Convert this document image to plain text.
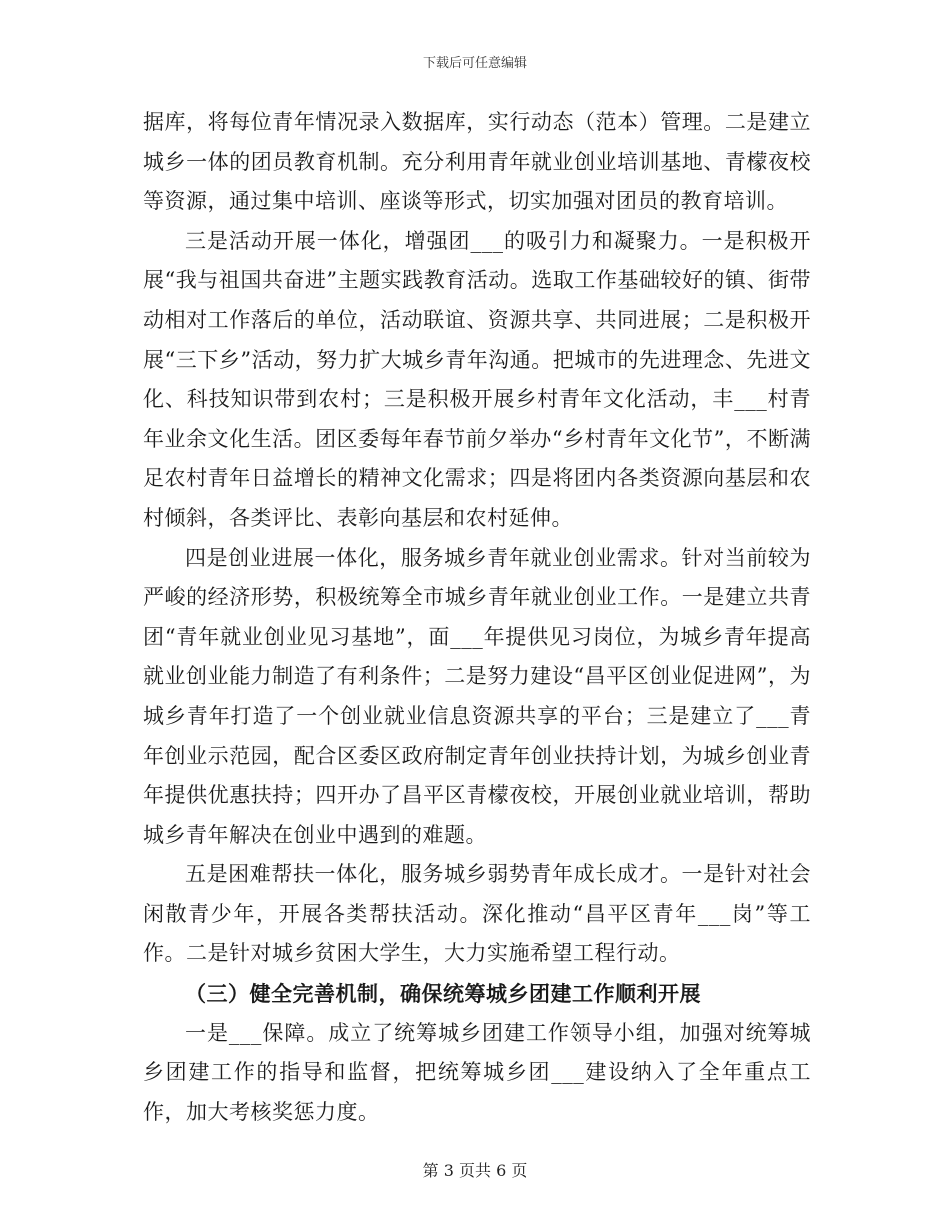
下载后可任意编辑

据库，将每位青年情况录入数据库，实行动态（范本）管理。二是建立城乡一体的团员教育机制。充分利用青年就业创业培训基地、青檬夜校等资源，通过集中培训、座谈等形式，切实加强对团员的教育培训。

三是活动开展一体化，增强团___的吸引力和凝聚力。一是积极开展“我与祖国共奋进”主题实践教育活动。选取工作基础较好的镇、街带动相对工作落后的单位，活动联谊、资源共享、共同进展；二是积极开展“三下乡”活动，努力扩大城乡青年沟通。把城市的先进理念、先进文化、科技知识带到农村；三是积极开展乡村青年文化活动，丰___村青年业余文化生活。团区委每年春节前夕举办“乡村青年文化节”，不断满足农村青年日益增长的精神文化需求；四是将团内各类资源向基层和农村倾斜，各类评比、表彰向基层和农村延伸。

四是创业进展一体化，服务城乡青年就业创业需求。针对当前较为严峻的经济形势，积极统筹全市城乡青年就业创业工作。一是建立共青团“青年就业创业见习基地”，面___年提供见习岗位，为城乡青年提高就业创业能力制造了有利条件；二是努力建设“昌平区创业促进网”，为城乡青年打造了一个创业就业信息资源共享的平台；三是建立了___青年创业示范园，配合区委区政府制定青年创业扶持计划，为城乡创业青年提供优惠扶持；四开办了昌平区青檬夜校，开展创业就业培训，帮助城乡青年解决在创业中遇到的难题。

五是困难帮扶一体化，服务城乡弱势青年成长成才。一是针对社会闲散青少年，开展各类帮扶活动。深化推动“昌平区青年___岗”等工作。二是针对城乡贫困大学生，大力实施希望工程行动。

（三）健全完善机制，确保统筹城乡团建工作顺利开展

一是___保障。成立了统筹城乡团建工作领导小组，加强对统筹城乡团建工作的指导和监督，把统筹城乡团___建设纳入了全年重点工作，加大考核奖惩力度。

第 3 页共 6 页
